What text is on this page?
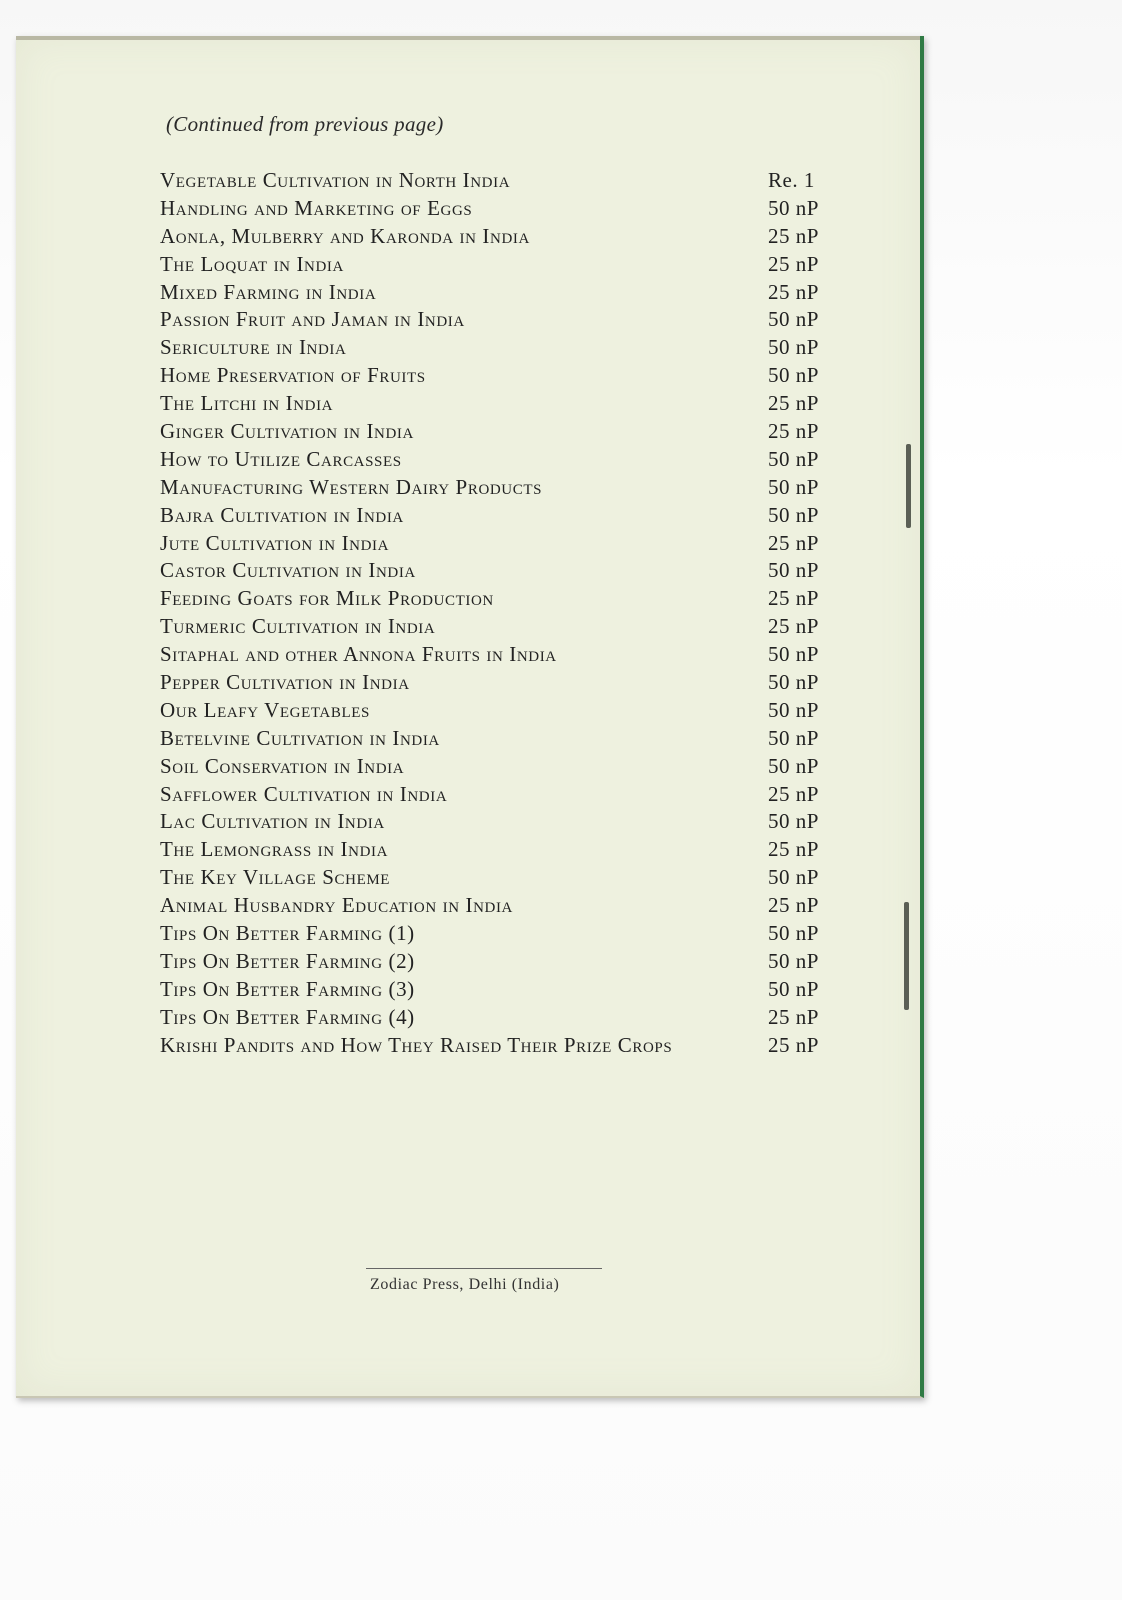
(Continued from previous page)
Vegetable Cultivation in North India	Re. 1
Handling and Marketing of Eggs	50 nP
Aonla, Mulberry and Karonda in India	25 nP
The Loquat in India	25 nP
Mixed Farming in India	25 nP
Passion Fruit and Jaman in India	50 nP
Sericulture in India	50 nP
Home Preservation of Fruits	50 nP
The Litchi in India	25 nP
Ginger Cultivation in India	25 nP
How to Utilize Carcasses	50 nP
Manufacturing Western Dairy Products	50 nP
Bajra Cultivation in India	50 nP
Jute Cultivation in India	25 nP
Castor Cultivation in India	50 nP
Feeding Goats for Milk Production	25 nP
Turmeric Cultivation in India	25 nP
Sitaphal and other Annona Fruits in India	50 nP
Pepper Cultivation in India	50 nP
Our Leafy Vegetables	50 nP
Betelvine Cultivation in India	50 nP
Soil Conservation in India	50 nP
Safflower Cultivation in India	25 nP
Lac Cultivation in India	50 nP
The Lemongrass in India	25 nP
The Key Village Scheme	50 nP
Animal Husbandry Education in India	25 nP
Tips On Better Farming (1)	50 nP
Tips On Better Farming (2)	50 nP
Tips On Better Farming (3)	50 nP
Tips On Better Farming (4)	25 nP
Krishi Pandits and How They Raised Their Prize Crops	25 nP
Zodiac Press, Delhi (India)
